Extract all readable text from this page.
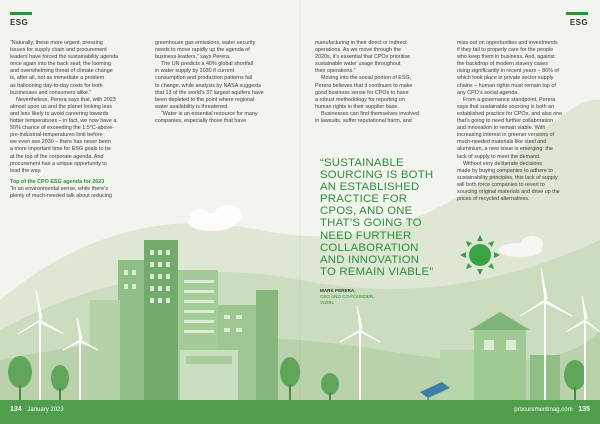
ESG	ESG

“Naturally, these more urgent, pressing
issues for supply chain and procurement
leaders have forced the sustainability agenda
once again into the back seat; the looming
and overwhelming threat of climate change
is, after all, not as immediate a problem
as ballooning day-to-day costs for both
businesses and consumers alike.”

Nevertheless, Perera says that, with 2023
almost upon us and the planet looking less
and less likely to avoid careering towards
hotter temperatures – in fact, we now have a
50% chance of exceeding the 1.5°C-above-
pre-industrial-temperatures limit before
we even see 2030 – there has never been
a more important time for ESG goals to be
at the top of the corporate agenda. And
procurement has a unique opportunity to
lead the way.

Top of the CPO ESG agenda for 2023

“In an environmental sense, while there’s
plenty of much-needed talk about reducing

greenhouse gas emissions, water security
needs to move rapidly up the agenda of
business leaders,” says Perera.

The UN predicts a 40% global shortfall
in water supply by 2030 if current
consumption and production patterns fail
to change, while analysis by NASA suggests
that 13 of the world’s 37 largest aquifers have
been depleted to the point where regional
water availability is threatened.

“Water is an essential resource for many
companies, especially those that have

manufacturing in their direct or indirect
operations. As we move through the
2020s, it’s essential that CPOs prioritise
sustainable water usage throughout
their operations.”

Moving into the social portion of ESG,
Perera believes that it continues to make
good business sense for CPOs to have
a robust methodology for reporting on
human rights in their supplier base.

Businesses can find themselves involved
in lawsuits, suffer reputational harm, and

miss out on opportunities and investments
if they fail to properly care for the people
who keep them in business. And, against
the backdrop of modern slavery cases
rising significantly in recent years – 86% of
which took place in private sector supply
chains – human rights must remain top of
any CPO’s social agenda.

From a governance standpoint, Perera
says that sustainable sourcing is both an
established practice for CPOs, and also one
that’s going to need further collaboration
and innovation to remain viable. With
increasing interest in greener versions of
much-needed materials like steel and
aluminium, a new issue is emerging: the
lack of supply to meet the demand.

Without very deliberate decisions
made by buying companies to adhere to
sustainability principles, this lack of supply
will both force companies to revert to
sourcing original materials and drive up the
prices of recycled alternatives.

“SUSTAINABLE
SOURCING IS BOTH
AN ESTABLISHED
PRACTICE FOR
CPOS, AND ONE
THAT’S GOING TO
NEED FURTHER
COLLABORATION
AND INNOVATION
TO REMAIN VIABLE”
MARK PERERA,
CEO AND CO-FOUNDER,
VIZIBL
134 January 2023	procurementmag.com 135
